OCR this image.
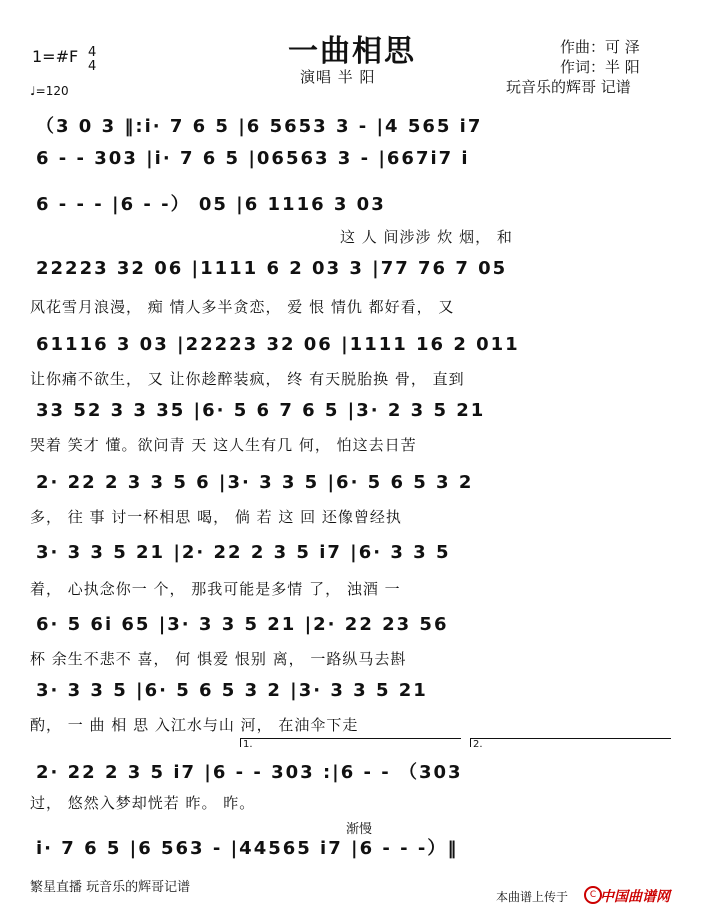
一曲相思
演唱 半 阳
作曲：可 泽
作词：半 阳
玩音乐的辉哥 记谱
1=#F 4
4
♩=120
（3 0 3 ‖:i· 7 6 5 |6 5653 3 - |4 565 i7
6 - - 303 |i· 7 6 5 |06563 3 - |667i7 i
6 - - - |6 - -） 05 |6 1116 3 03
这 人 间涉涉 炊 烟， 和
22223 32 06 |1111 6 2 03 3 |77 76 7 05
风花雪月浪漫， 痴 情人多半贪恋， 爱 恨 情仇 都好看， 又
61116 3 03 |22223 32 06 |1111 16 2 011
让你痛不欲生， 又 让你趁醉装疯， 终 有天脱胎换 骨， 直到
33 52 3 3 35 |6· 5 6 7 6 5 |3· 2 3 5 21
哭着 笑才 懂。欲问青 天 这人生有几 何， 怕这去日苦
2· 22 2 3 3 5 6 |3· 3 3 5 |6· 5 6 5 3 2
多， 往 事 讨一杯相思 喝， 倘 若 这 回 还像曾经执
3· 3 3 5 21 |2· 22 2 3 5 i7 |6· 3 3 5
着， 心执念你一 个， 那我可能是多情 了， 浊酒 一
6· 5 6i 65 |3· 3 3 5 21 |2· 22 23 56
杯 余生不悲不 喜， 何 惧爱 恨别 离， 一路纵马去斟
3· 3 3 5 |6· 5 6 5 3 2 |3· 3 3 5 21
酌， 一 曲 相 思 入江水与山 河， 在油伞下走
1.	2.
2· 22 2 3 5 i7 |6 - - 303 :|6 - - （303
过， 悠然入梦却恍若 昨。 昨。
渐慢
i· 7 6 5 |6 563 - |44565 i7 |6 - - -）‖
繁星直播 玩音乐的辉哥记谱
本曲谱上传于	C 中国曲谱网
